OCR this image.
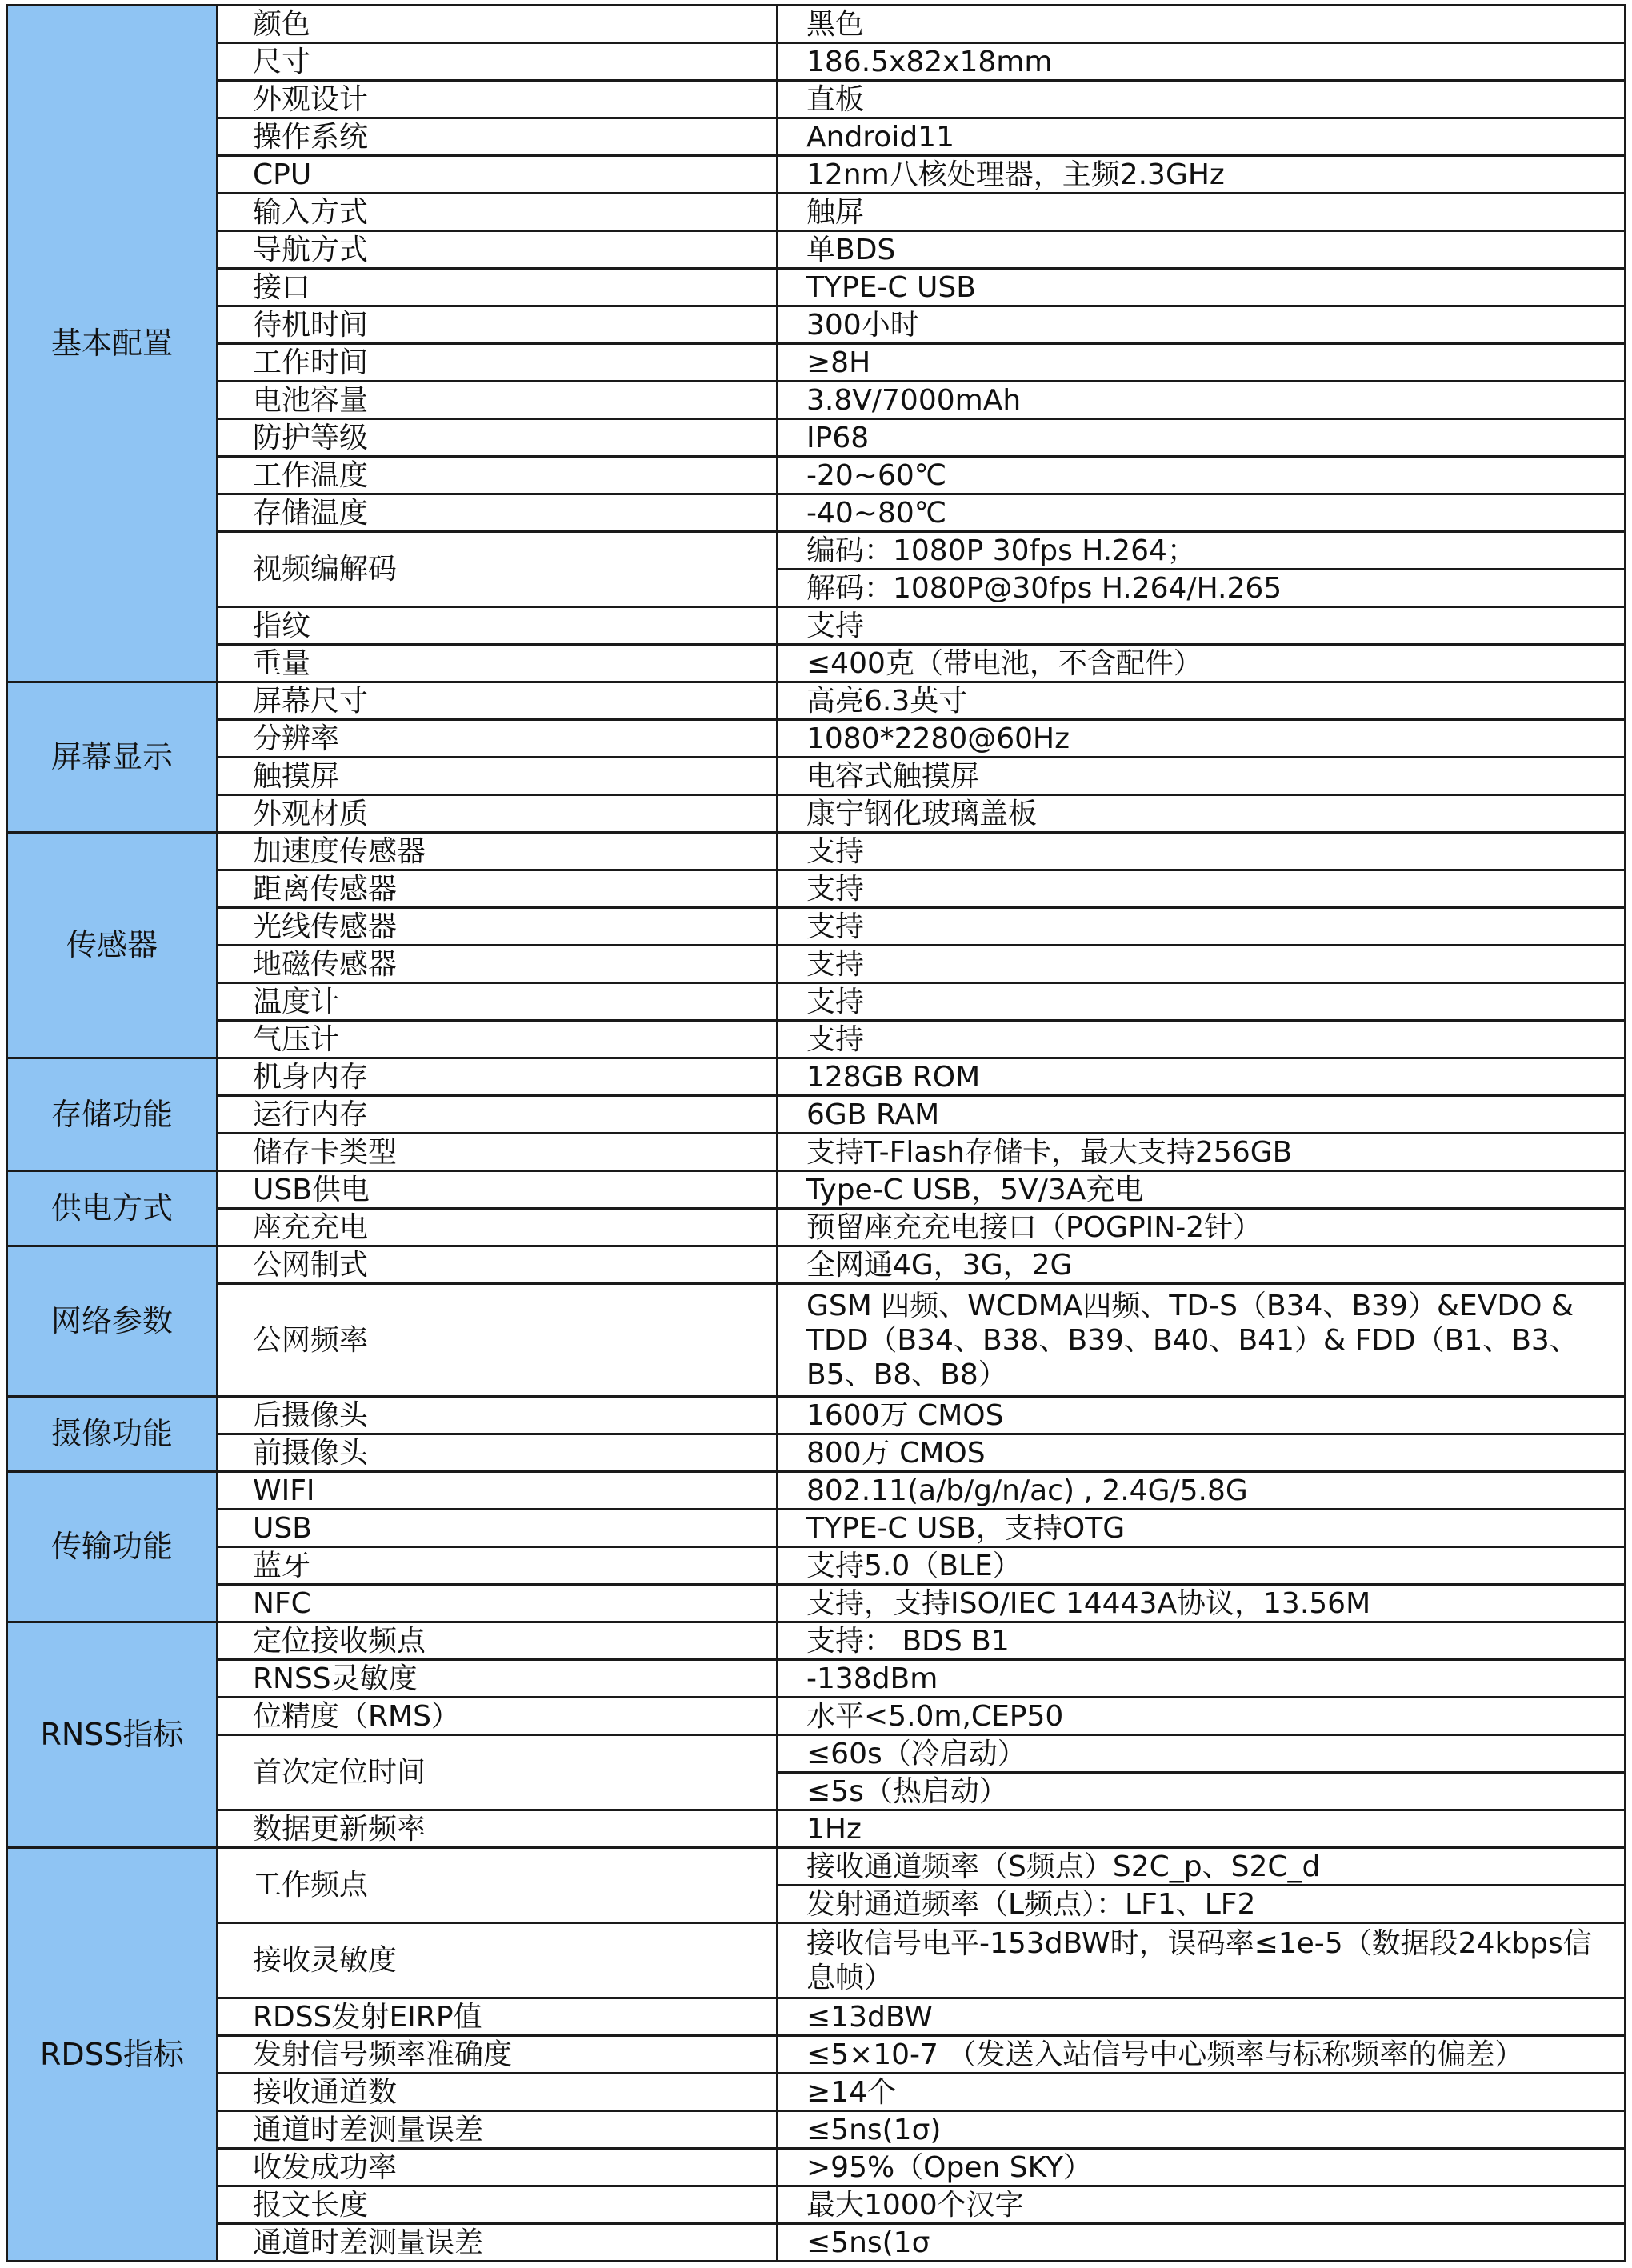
基本配置	颜色	黑色
	尺寸	186.5x82x18mm
	外观设计	直板
	操作系统	Android11
	CPU	12nm八核处理器，主频2.3GHz
	输入方式	触屏
	导航方式	单BDS
	接口	TYPE-C USB
	待机时间	300小时
	工作时间	≥8H
	电池容量	3.8V/7000mAh
	防护等级	IP68
	工作温度	-20~60℃
	存储温度	-40~80℃
	视频编解码	编码：1080P 30fps H.264；
		解码：1080P@30fps H.264/H.265
	指纹	支持
	重量	≤400克（带电池，不含配件）
屏幕显示	屏幕尺寸	高亮6.3英寸
	分辨率	1080*2280@60Hz
	触摸屏	电容式触摸屏
	外观材质	康宁钢化玻璃盖板
传感器	加速度传感器	支持
	距离传感器	支持
	光线传感器	支持
	地磁传感器	支持
	温度计	支持
	气压计	支持
存储功能	机身内存	128GB ROM
	运行内存	6GB RAM
	储存卡类型	支持T-Flash存储卡，最大支持256GB
供电方式	USB供电	Type-C USB，5V/3A充电
	座充充电	预留座充充电接口（POGPIN-2针）
网络参数	公网制式	全网通4G，3G，2G
	公网频率	GSM 四频、WCDMA四频、TD-S（B34、B39）&EVDO & TDD（B34、B38、B39、B40、B41）& FDD（B1、B3、B5、B8、B8）
摄像功能	后摄像头	1600万 CMOS
	前摄像头	800万 CMOS
传输功能	WIFI	802.11(a/b/g/n/ac) , 2.4G/5.8G
	USB	TYPE-C USB，支持OTG
	蓝牙	支持5.0（BLE）
	NFC	支持，支持ISO/IEC 14443A协议，13.56M
RNSS指标	定位接收频点	支持： BDS B1
	RNSS灵敏度	-138dBm
	位精度（RMS）	水平<5.0m,CEP50
	首次定位时间	≤60s（冷启动）
		≤5s（热启动）
	数据更新频率	1Hz
RDSS指标	工作频点	接收通道频率（S频点）S2C_p、S2C_d
		发射通道频率（L频点）：LF1、LF2
	接收灵敏度	接收信号电平-153dBW时，误码率≤1e-5（数据段24kbps信息帧）
	RDSS发射EIRP值	≤13dBW
	发射信号频率准确度	≤5×10-7 （发送入站信号中心频率与标称频率的偏差）
	接收通道数	≥14个
	通道时差测量误差	≤5ns(1σ)
	收发成功率	>95%（Open SKY）
	报文长度	最大1000个汉字
	通道时差测量误差	≤5ns(1σ
